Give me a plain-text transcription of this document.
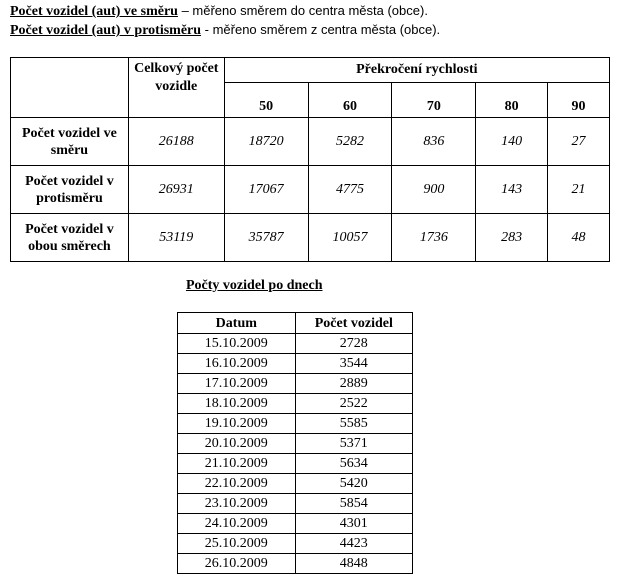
Počet vozidel (aut) ve směru – měřeno směrem do centra města (obce).
Počet vozidel (aut) v protisměru - měřeno směrem z centra města (obce).
	Celkový počet vozidle	Překročení rychlosti				
		50	60	70	80	90
Počet vozidel ve směru	26188	18720	5282	836	140	27
Počet vozidel v protisměru	26931	17067	4775	900	143	21
Počet vozidel v obou směrech	53119	35787	10057	1736	283	48
Počty vozidel po dnech
Datum	Počet vozidel
15.10.2009	2728
16.10.2009	3544
17.10.2009	2889
18.10.2009	2522
19.10.2009	5585
20.10.2009	5371
21.10.2009	5634
22.10.2009	5420
23.10.2009	5854
24.10.2009	4301
25.10.2009	4423
26.10.2009	4848
